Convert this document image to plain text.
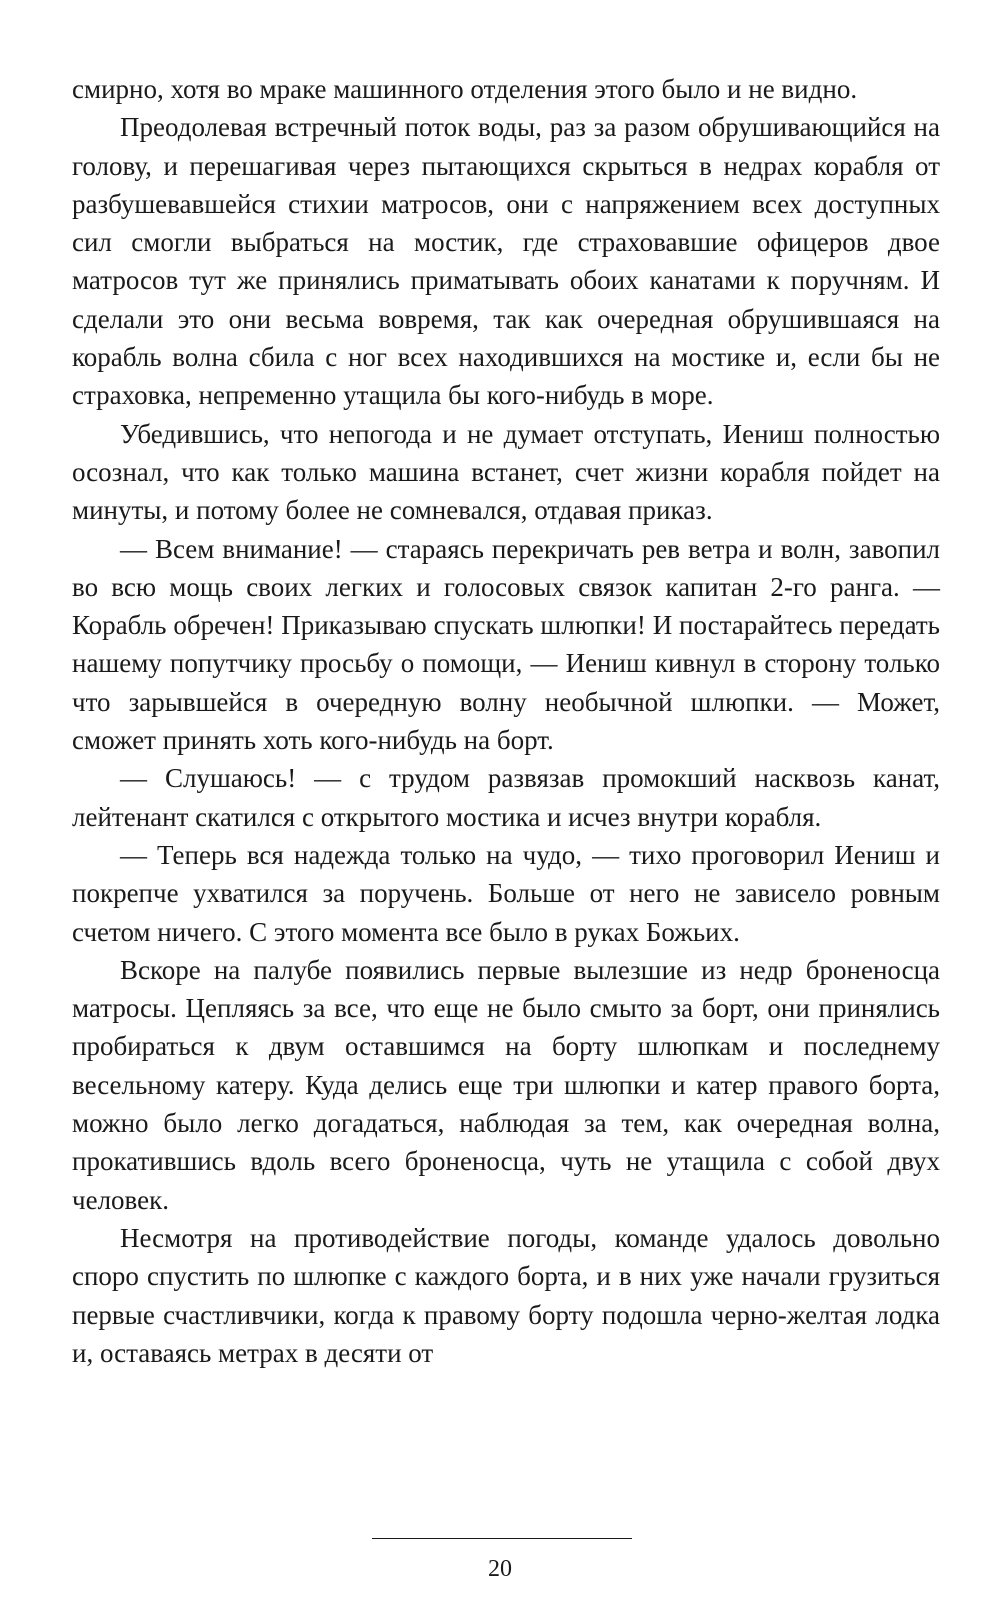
смирно, хотя во мраке машинного отделения этого было и не видно.

Преодолевая встречный поток воды, раз за разом обрушивающийся на голову, и перешагивая через пытающихся скрыться в недрах корабля от разбушевавшейся стихии матросов, они с напряжением всех доступных сил смогли выбраться на мостик, где страховавшие офицеров двое матросов тут же принялись приматывать обоих канатами к поручням. И сделали это они весьма вовремя, так как очередная обрушившаяся на корабль волна сбила с ног всех находившихся на мостике и, если бы не страховка, непременно утащила бы кого-нибудь в море.

Убедившись, что непогода и не думает отступать, Иениш полностью осознал, что как только машина встанет, счет жизни корабля пойдет на минуты, и потому более не сомневался, отдавая приказ.

— Всем внимание! — стараясь перекричать рев ветра и волн, завопил во всю мощь своих легких и голосовых связок капитан 2-го ранга. — Корабль обречен! Приказываю спускать шлюпки! И постарайтесь передать нашему попутчику просьбу о помощи, — Иениш кивнул в сторону только что зарывшейся в очередную волну необычной шлюпки. — Может, сможет принять хоть кого-нибудь на борт.

— Слушаюсь! — с трудом развязав промокший насквозь канат, лейтенант скатился с открытого мостика и исчез внутри корабля.

— Теперь вся надежда только на чудо, — тихо проговорил Иениш и покрепче ухватился за поручень. Больше от него не зависело ровным счетом ничего. С этого момента все было в руках Божьих.

Вскоре на палубе появились первые вылезшие из недр броненосца матросы. Цепляясь за все, что еще не было смыто за борт, они принялись пробираться к двум оставшимся на борту шлюпкам и последнему весельному катеру. Куда делись еще три шлюпки и катер правого борта, можно было легко догадаться, наблюдая за тем, как очередная волна, прокатившись вдоль всего броненосца, чуть не утащила с собой двух человек.

Несмотря на противодействие погоды, команде удалось довольно споро спустить по шлюпке с каждого борта, и в них уже начали грузиться первые счастливчики, когда к правому борту подошла черно-желтая лодка и, оставаясь метрах в десяти от

20
